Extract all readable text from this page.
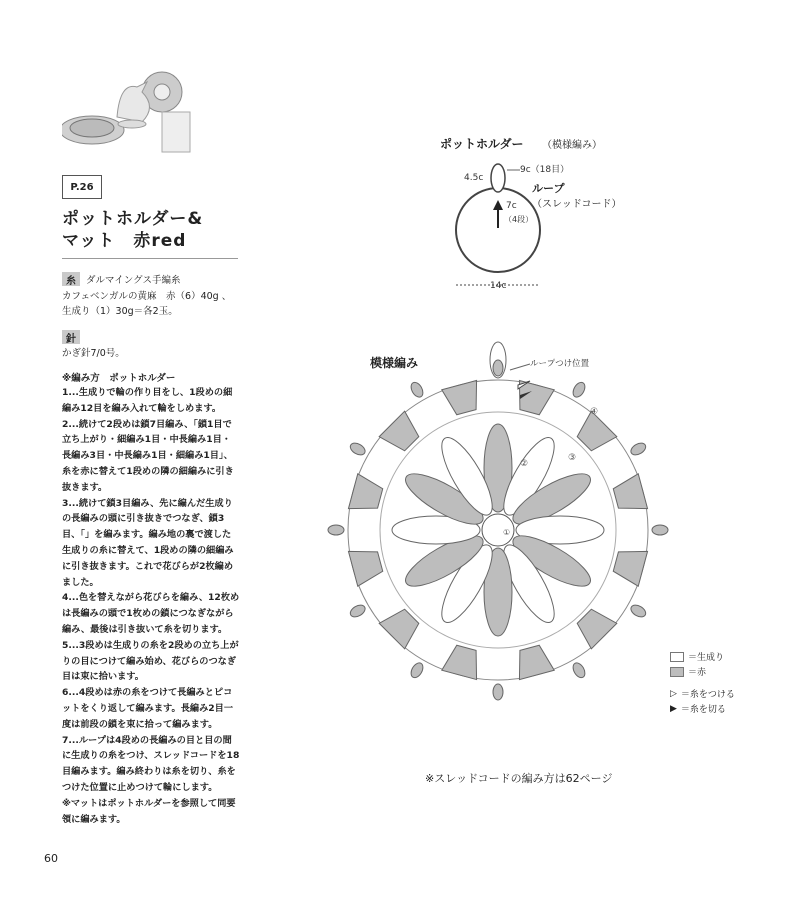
P.26
ポットホルダー&
マット　赤red
糸	ダルマイングス手編糸
カフェベンガルの黄麻　赤（6）40g 、
生成り（1）30g＝各2玉。
針
かぎ針7/0号。
※編み方　ポットホルダー

1...生成りで輪の作り目をし、1段めの細編み12目を編み入れて輪をしめます。

2...続けて2段めは鎖7目編み、「鎖1目で立ち上がり・細編み1目・中長編み1目・長編み3目・中長編み1目・細編み1目」、糸を赤に替えて1段めの隣の細編みに引き抜きます。

3...続けて鎖3目編み、先に編んだ生成りの長編みの頭に引き抜きでつなぎ、鎖3目、「」を編みます。編み地の裏で渡した生成りの糸に替えて、1段めの隣の細編みに引き抜きます。これで花びらが2枚編めました。

4...色を替えながら花びらを編み、12枚めは長編みの頭で1枚めの鎖につなぎながら編み、最後は引き抜いて糸を切ります。

5...3段めは生成りの糸を2段めの立ち上がりの目につけて編み始め、花びらのつなぎ目は束に拾います。

6...4段めは赤の糸をつけて長編みとピコットをくり返して編みます。長編み2目一度は前段の鎖を束に拾って編みます。

7...ループは4段めの長編みの目と目の間に生成りの糸をつけ、スレッドコードを18目編みます。編み終わりは糸を切り、糸をつけた位置に止めつけて輪にします。

※マットはポットホルダーを参照して同要領に編みます。

60
ポットホルダー （模様編み）
4.5c
9c（18目）
ループ
（スレッドコード）
7c
（4段）
14c
模様編み	ループつけ位置
②
③
④
①
＝生成り
＝赤
▷ ＝糸をつける
▶ ＝糸を切る
※スレッドコードの編み方は62ページ
